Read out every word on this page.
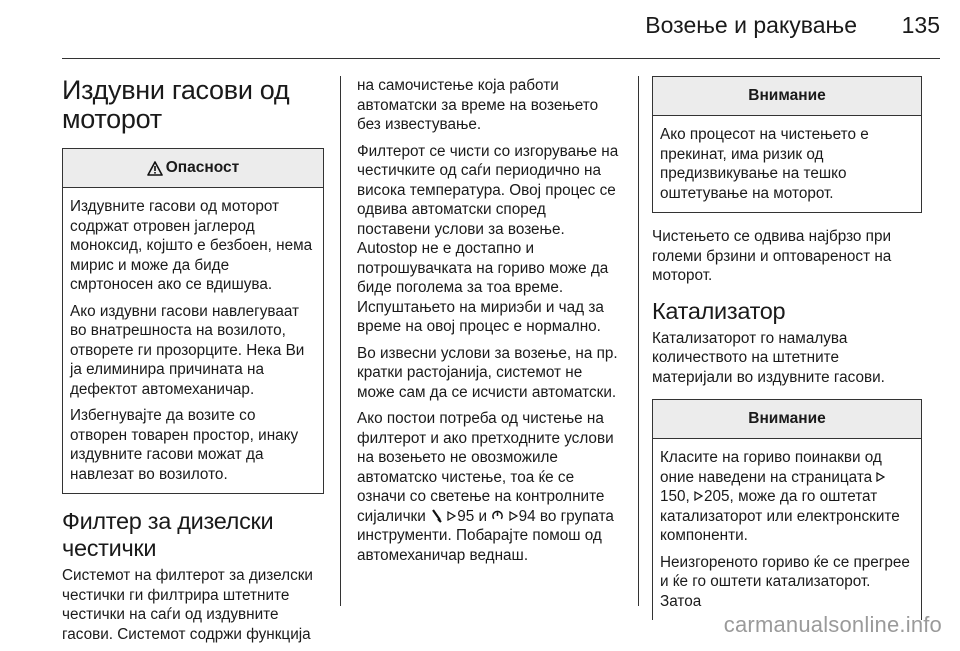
Возење и ракување 135
Издувни гасови од моторот
Опасност

Издувните гасови од моторот содржат отровен јаглерод моноксид, којшто е безбоен, нема мирис и може да биде смртоносен ако се вдишува.

Ако издувни гасови навлегуваат во внатрешноста на возилото, отворете ги прозорците. Нека Ви ја елиминира причината на дефектот автомеханичар.

Избегнувајте да возите со отворен товарен простор, инаку издувните гасови можат да навлезат во возилото.

Филтер за дизелски честички

Системот на филтерот за дизелски честички ги филтрира штетните честички на саѓи од издувните гасови. Системот содржи функција

на самочистење која работи автоматски за време на возењето без известување.

Филтерот се чисти со изгорување на честичките од саѓи периодично на висока температура. Овој процес се одвива автоматски според поставени услови за возење. Autostop не е достапно и потрошувачката на гориво може да биде поголема за тоа време. Испуштањето на мириэби и чад за време на овој процес е нормално.

Во извесни услови за возење, на пр. кратки растојанија, системот не може сам да се исчисти автоматски.

Ако постои потреба од чистење на филтерот и ако претходните услови на возењето не овозможиле автоматско чистење, тоа ќе се означи со светење на контролните сијалички 95 и 94 во групата инструменти. Побарајте помош од автомеханичар веднаш.

Внимание

Ако процесот на чистењето е прекинат, има ризик од предизвикување на тешко оштетување на моторот.

Чистењето се одвива најбрзо при големи брзини и оптовареност на моторот.

Катализатор

Катализаторот го намалува количеството на штетните материјали во издувните гасови.

Внимание

Класите на гориво поинакви од оние наведени на страницата 150, 205, може да го оштетат катализаторот или електронските компоненти.

Неизгореното гориво ќе се прегрее и ќе го оштети катализаторот. Затоа

carmanualsonline.info
